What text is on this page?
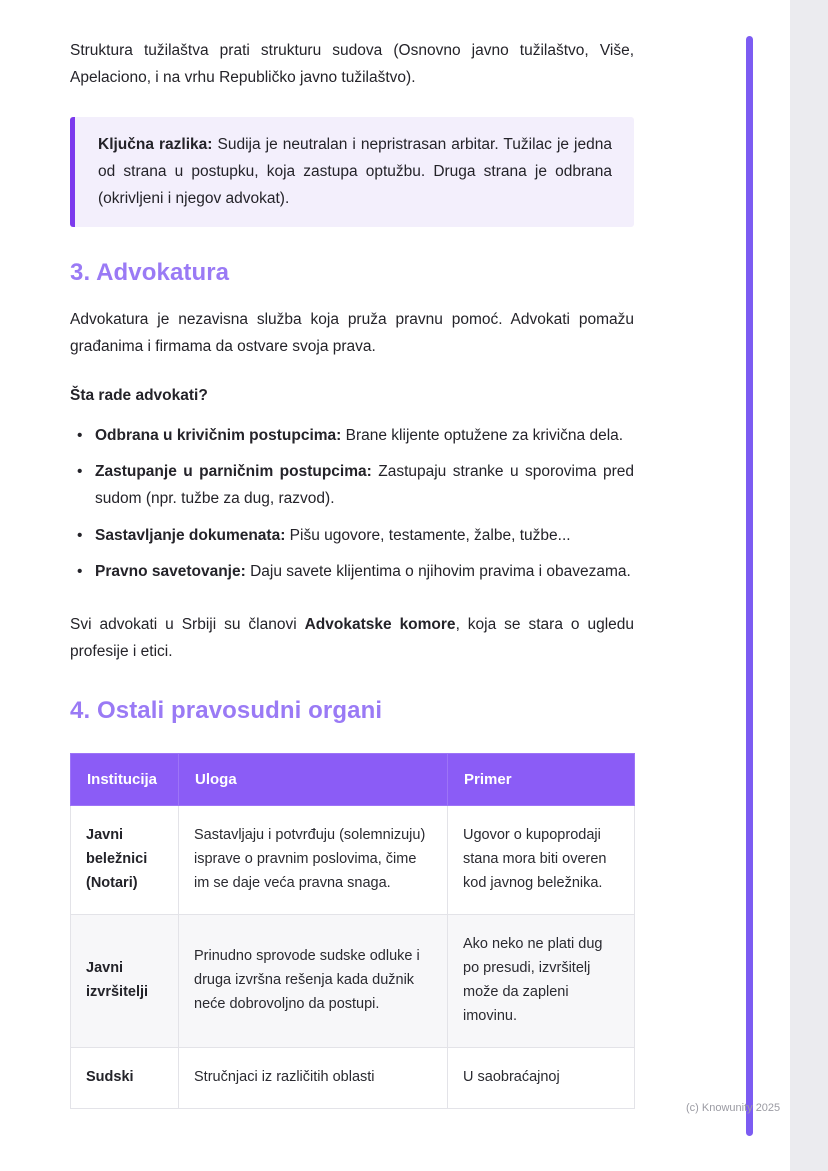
Struktura tužilaštva prati strukturu sudova (Osnovno javno tužilaštvo, Više, Apelaciono, i na vrhu Republičko javno tužilaštvo).

Ključna razlika: Sudija je neutralan i nepristrasan arbitar. Tužilac je jedna od strana u postupku, koja zastupa optužbu. Druga strana je odbrana (okrivljeni i njegov advokat).

3. Advokatura

Advokatura je nezavisna služba koja pruža pravnu pomoć. Advokati pomažu građanima i firmama da ostvare svoja prava.

Šta rade advokati?

• Odbrana u krivičnim postupcima: Brane klijente optužene za krivična dela.
• Zastupanje u parničnim postupcima: Zastupaju stranke u sporovima pred sudom (npr. tužbe za dug, razvod).
• Sastavljanje dokumenata: Pišu ugovore, testamente, žalbe, tužbe...
• Pravno savetovanje: Daju savete klijentima o njihovim pravima i obavezama.

Svi advokati u Srbiji su članovi Advokatske komore, koja se stara o ugledu profesije i etici.

4. Ostali pravosudni organi
Institucija	Uloga	Primer
Javni beležnici (Notari)	Sastavljaju i potvrđuju (solemnizuju) isprave o pravnim poslovima, čime im se daje veća pravna snaga.	Ugovor o kupoprodaji stana mora biti overen kod javnog beležnika.
Javni izvršitelji	Prinudno sprovode sudske odluke i druga izvršna rešenja kada dužnik neće dobrovoljno da postupi.	Ako neko ne plati dug po presudi, izvršitelj može da zapleni imovinu.
Sudski	Stručnjaci iz različitih oblasti	U saobraćajnoj
(c) Knowunity 2025
